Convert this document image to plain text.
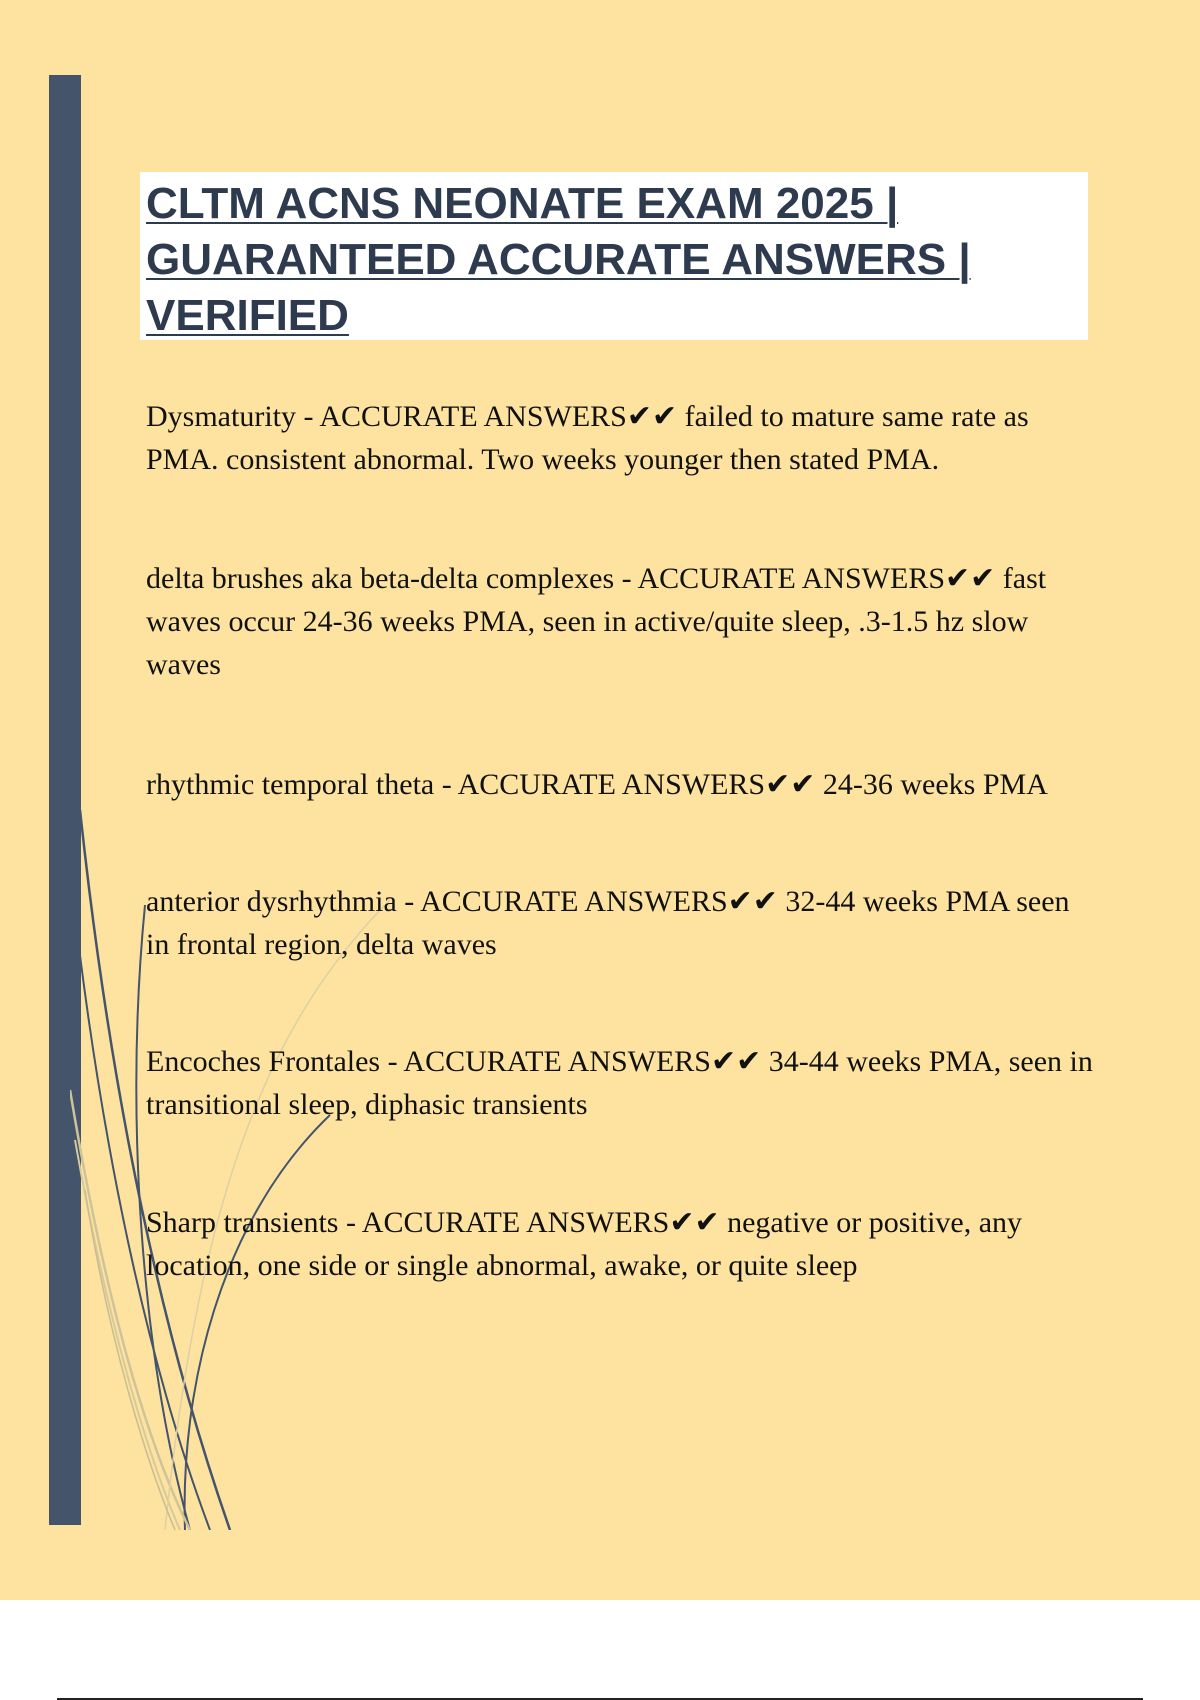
CLTM ACNS NEONATE EXAM 2025 | GUARANTEED ACCURATE ANSWERS | VERIFIED

Dysmaturity - ACCURATE ANSWERS✔✔ failed to mature same rate as PMA. consistent abnormal. Two weeks younger then stated PMA.

delta brushes aka beta-delta complexes - ACCURATE ANSWERS✔✔ fast waves occur 24-36 weeks PMA, seen in active/quite sleep, .3-1.5 hz slow waves

rhythmic temporal theta - ACCURATE ANSWERS✔✔ 24-36 weeks PMA

anterior dysrhythmia - ACCURATE ANSWERS✔✔ 32-44 weeks PMA seen in frontal region, delta waves

Encoches Frontales - ACCURATE ANSWERS✔✔ 34-44 weeks PMA, seen in transitional sleep, diphasic transients

Sharp transients - ACCURATE ANSWERS✔✔ negative or positive, any location, one side or single abnormal, awake, or quite sleep
